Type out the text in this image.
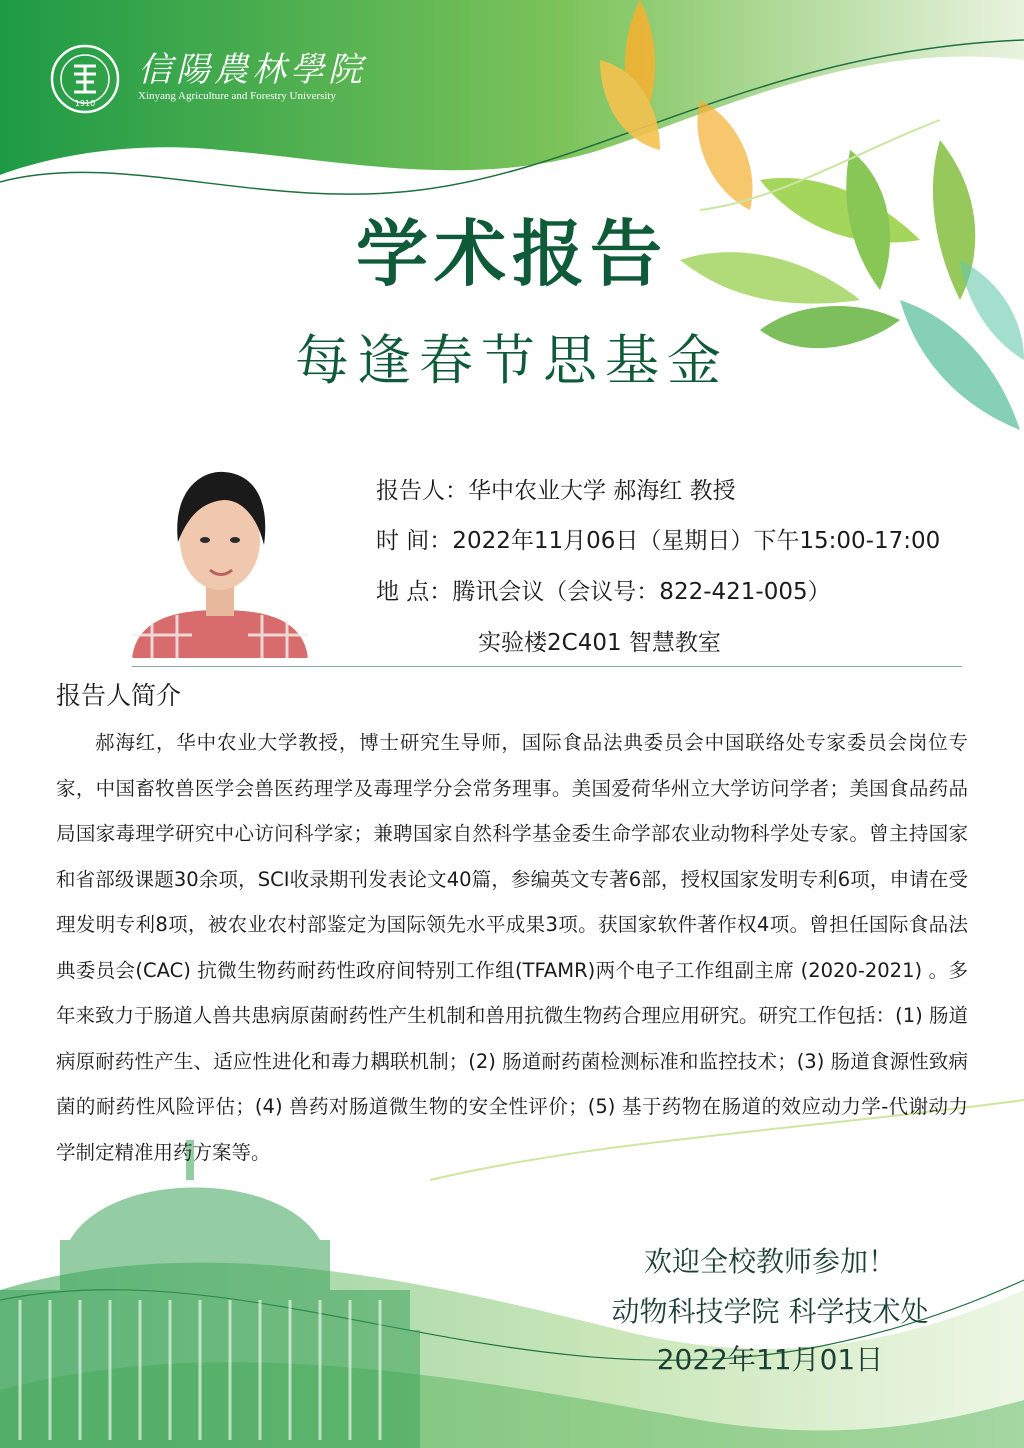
1910
信陽農林學院
Xinyang Agriculture and Forestry University
学术报告
每逢春节思基金
报告人：华中农业大学 郝海红 教授
时 间：2022年11月06日（星期日）下午15:00-17:00
地 点：腾讯会议（会议号：822-421-005）
实验楼2C401 智慧教室
报告人简介
郝海红，华中农业大学教授，博士研究生导师，国际食品法典委员会中国联络处专家委员会岗位专家，中国畜牧兽医学会兽医药理学及毒理学分会常务理事。美国爱荷华州立大学访问学者；美国食品药品局国家毒理学研究中心访问科学家；兼聘国家自然科学基金委生命学部农业动物科学处专家。曾主持国家和省部级课题30余项，SCI收录期刊发表论文40篇，参编英文专著6部，授权国家发明专利6项，申请在受理发明专利8项，被农业农村部鉴定为国际领先水平成果3项。获国家软件著作权4项。曾担任国际食品法典委员会(CAC) 抗微生物药耐药性政府间特别工作组(TFAMR)两个电子工作组副主席 (2020-2021) 。多年来致力于肠道人兽共患病原菌耐药性产生机制和兽用抗微生物药合理应用研究。研究工作包括：(1) 肠道病原耐药性产生、适应性进化和毒力耦联机制；(2) 肠道耐药菌检测标准和监控技术；(3) 肠道食源性致病菌的耐药性风险评估；(4) 兽药对肠道微生物的安全性评价；(5) 基于药物在肠道的效应动力学-代谢动力学制定精准用药方案等。
欢迎全校教师参加！
动物科技学院 科学技术处
2022年11月01日
